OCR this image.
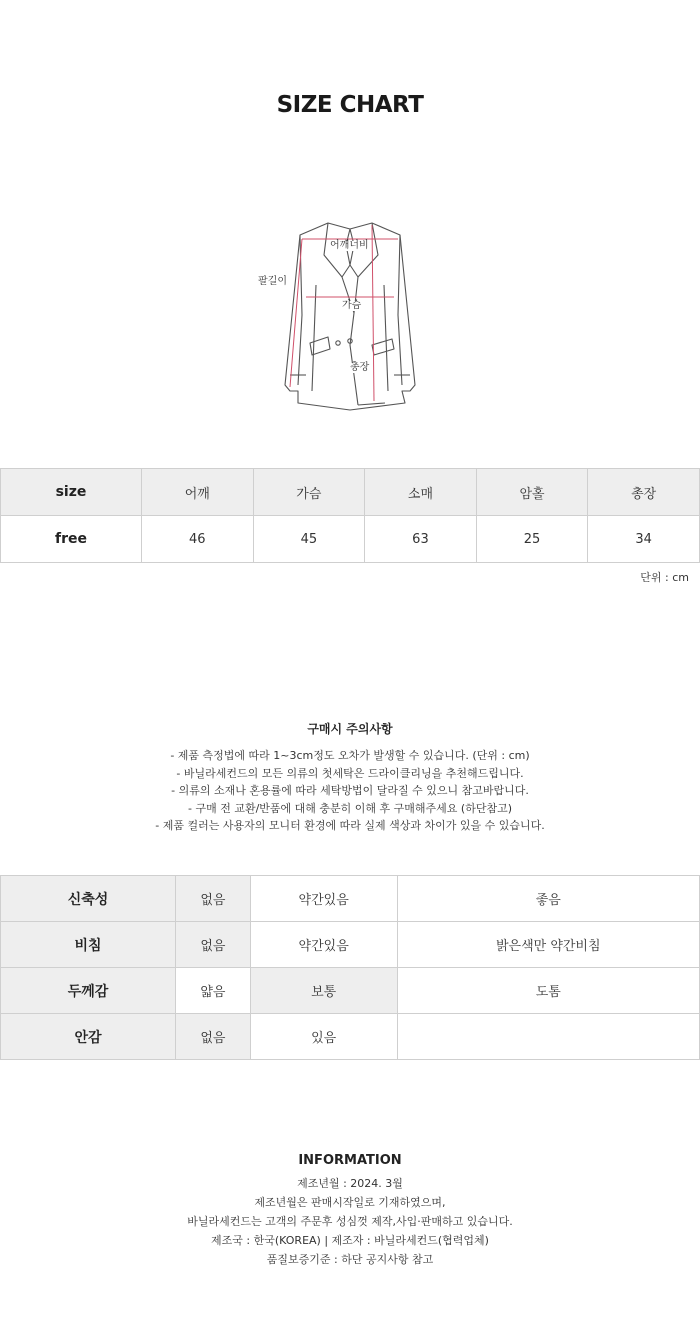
SIZE CHART
어깨너비
팔길이
가슴
총장
size	어깨	가슴	소매	암홀	총장
free	46	45	63	25	34
단위 : cm
구매시 주의사항
- 제품 측정법에 따라 1~3cm정도 오차가 발생할 수 있습니다. (단위 : cm)
- 바닐라세컨드의 모든 의류의 첫세탁은 드라이클리닝을 추천해드립니다.
- 의류의 소재나 혼용률에 따라 세탁방법이 달라질 수 있으니 참고바랍니다.
- 구매 전 교환/반품에 대해 충분히 이해 후 구매해주세요 (하단참고)
- 제품 컬러는 사용자의 모니터 환경에 따라 실제 색상과 차이가 있을 수 있습니다.
신축성	없음	약간있음	좋음
비침	없음	약간있음	밝은색만 약간비침
두께감	얇음	보통	도톰
안감	없음	있음	
INFORMATION
제조년월 : 2024. 3월
제조년월은 판매시작일로 기재하였으며,
바닐라세컨드는 고객의 주문후 성심껏 제작,사입·판매하고 있습니다.
제조국 : 한국(KOREA) | 제조자 : 바닐라세컨드(협력업체)
품질보증기준 : 하단 공지사항 참고
